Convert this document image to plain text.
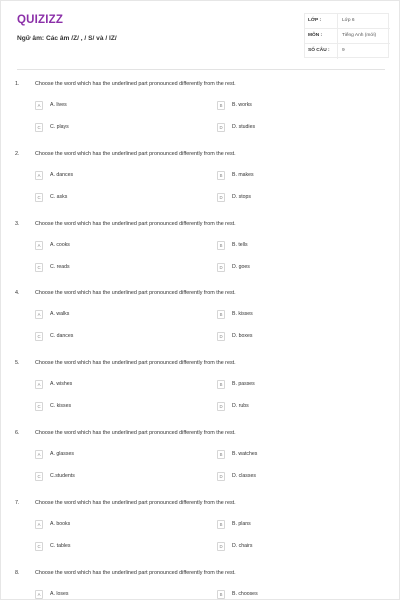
QUIZIZZ
Ngữ âm: Các âm /Z/ , / S/ và / IZ/
LỚP :	Lớp 6
MÔN :	Tiếng Anh (mới)
SỐ CÂU :	9
1.	Choose the word which has the underlined part pronounced differently from the rest.
A	A. lives	B	B. works
C	C. plays	D	D. studies
2.	Choose the word which has the underlined part pronounced differently from the rest.
A	A. dances	B	B. makes
C	C. asks	D	D. stops
3.	Choose the word which has the underlined part pronounced differently from the rest.
A	A. cooks	B	B. tells
C	C. reads	D	D. goes
4.	Choose the word which has the underlined part pronounced differently from the rest.
A	A. walks	B	B. kisses
C	C. dances	D	D. boxes
5.	Choose the word which has the underlined part pronounced differently from the rest.
A	A. wishes	B	B. passes
C	C. kisses	D	D. rubs
6.	Choose the word which has the underlined part pronounced differently from the rest.
A	A. glasses	B	B. watches
C	C.students	D	D. classes
7.	Choose the word which has the underlined part pronounced differently from the rest.
A	A. books	B	B. plans
C	C. tables	D	D. chairs
8.	Choose the word which has the underlined part pronounced differently from the rest.
A	A. loses	B	B. chooses
